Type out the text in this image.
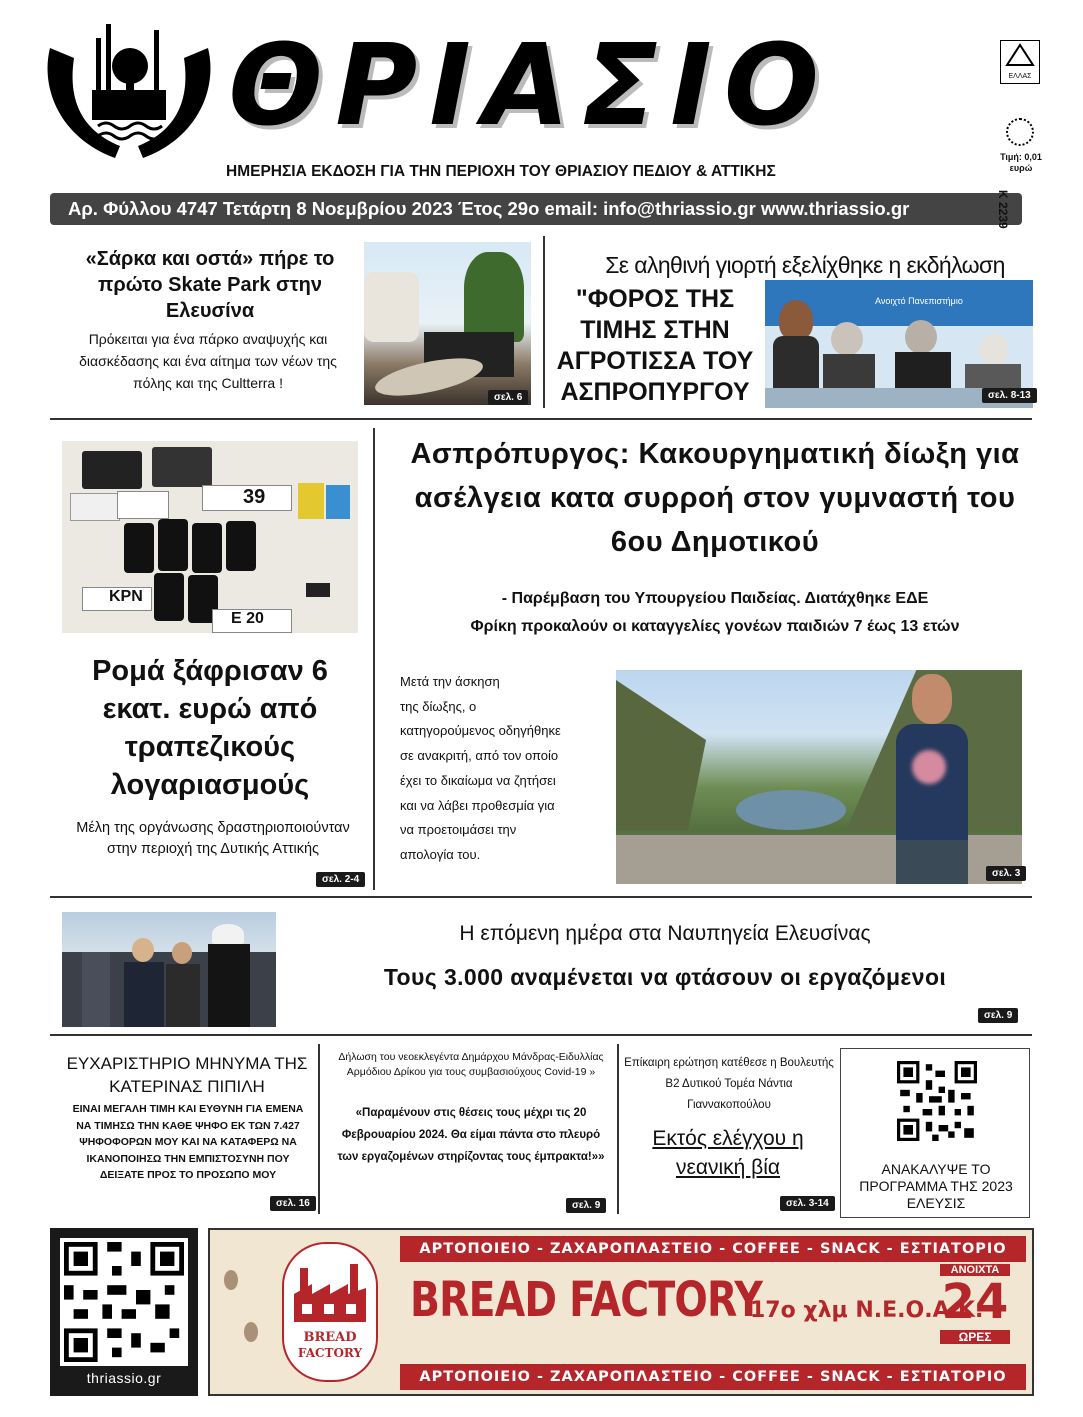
ΘΡΙΑΣΙΟ	ΕΛΛΑΣ
Τιμή: 0,01 ευρώ
ΗΜΕΡΗΣΙΑ ΕΚΔΟΣΗ ΓΙΑ ΤΗΝ ΠΕΡΙΟΧΗ ΤΟΥ ΘΡΙΑΣΙΟΥ ΠΕΔΙΟΥ & ΑΤΤΙΚΗΣ
Αρ. Φύλλου 4747 Τετάρτη 8 Νοεμβρίου 2023 Έτος 29ο email: info@thriassio.gr www.thriassio.gr	Κ 2239
«Σάρκα και οστά» πήρε το πρώτο Skate Park στην Ελευσίνα
Πρόκειται για ένα πάρκο αναψυχής και διασκέδασης και ένα αίτημα των νέων της πόλης και της Cultterra !
σελ. 6
Σε αληθινή γιορτή εξελίχθηκε η εκδήλωση
"ΦΟΡΟΣ ΤΗΣ ΤΙΜΗΣ ΣΤΗΝ ΑΓΡΟΤΙΣΣΑ ΤΟΥ ΑΣΠΡΟΠΥΡΓΟΥ
Ανοιχτό Πανεπιστήμιο
σελ. 8-13
39
ΚΡΝ
Ε 20
Ρομά ξάφρισαν 6 εκατ. ευρώ από τραπεζικούς λογαριασμούς
Μέλη της οργάνωσης δραστηριοποιούνταν στην περιοχή της Δυτικής Αττικής
σελ. 2-4
Ασπρόπυργος: Κακουργηματική δίωξη για ασέλγεια κατα συρροή στον γυμναστή του 6ου Δημοτικού
- Παρέμβαση του Υπουργείου Παιδείας. Διατάχθηκε ΕΔΕ
Φρίκη προκαλούν οι καταγγελίες γονέων παιδιών 7 έως 13 ετών
Μετά την άσκηση
της δίωξης, ο
κατηγορούμενος οδηγήθηκε
σε ανακριτή, από τον οποίο
έχει το δικαίωμα να ζητήσει
και να λάβει προθεσμία για
να προετοιμάσει την
απολογία του.
σελ. 3
Η επόμενη ημέρα στα Ναυπηγεία Ελευσίνας
Τους 3.000 αναμένεται να φτάσουν οι εργαζόμενοι
σελ. 9
ΕΥΧΑΡΙΣΤΗΡΙΟ ΜΗΝΥΜΑ ΤΗΣ ΚΑΤΕΡΙΝΑΣ ΠΙΠΙΛΗ
ΕΙΝΑΙ ΜΕΓΑΛΗ ΤΙΜΗ ΚΑΙ ΕΥΘΥΝΗ ΓΙΑ ΕΜΕΝΑ ΝΑ ΤΙΜΗΣΩ ΤΗΝ ΚΑΘΕ ΨΗΦΟ ΕΚ ΤΩΝ 7.427 ΨΗΦΟΦΟΡΩΝ ΜΟΥ ΚΑΙ ΝΑ ΚΑΤΑΦΕΡΩ ΝΑ ΙΚΑΝΟΠΟΙΗΣΩ ΤΗΝ ΕΜΠΙΣΤΟΣΥΝΗ ΠΟΥ ΔΕΙΞΑΤΕ ΠΡΟΣ ΤΟ ΠΡΟΣΩΠΟ ΜΟΥ
σελ. 16
Δήλωση του νεοεκλεγέντα Δημάρχου Μάνδρας-Ειδυλλίας Αρμόδιου Δρίκου για τους συμβασιούχους Covid-19 »
«Παραμένουν στις θέσεις τους μέχρι τις 20 Φεβρουαρίου 2024. Θα είμαι πάντα στο πλευρό των εργαζομένων στηρίζοντας τους έμπρακτα!»»
σελ. 9
Επίκαιρη ερώτηση κατέθεσε η Βουλευτής Β2 Δυτικού Τομέα Νάντια Γιαννακοπούλου
Εκτός ελέγχου η νεανική βία
σελ. 3-14
ΑΝΑΚΑΛΥΨΕ ΤΟ ΠΡΟΓΡΑΜΜΑ ΤΗΣ 2023 ΕΛΕΥΣΙΣ
thriassio.gr
ΑΡΤΟΠΟΙΕΙΟ - ΖΑΧΑΡΟΠΛΑΣΤΕΙΟ - COFFEE - SNACK - ΕΣΤΙΑΤΟΡΙΟ
BREAD
FACTORY
BREAD FACTORY
17ο χλμ Ν.Ε.Ο.Α.Κ.
ΑΝΟΙΧΤΑ
24
ΩΡΕΣ
ΑΡΤΟΠΟΙΕΙΟ - ΖΑΧΑΡΟΠΛΑΣΤΕΙΟ - COFFEE - SNACK - ΕΣΤΙΑΤΟΡΙΟ
